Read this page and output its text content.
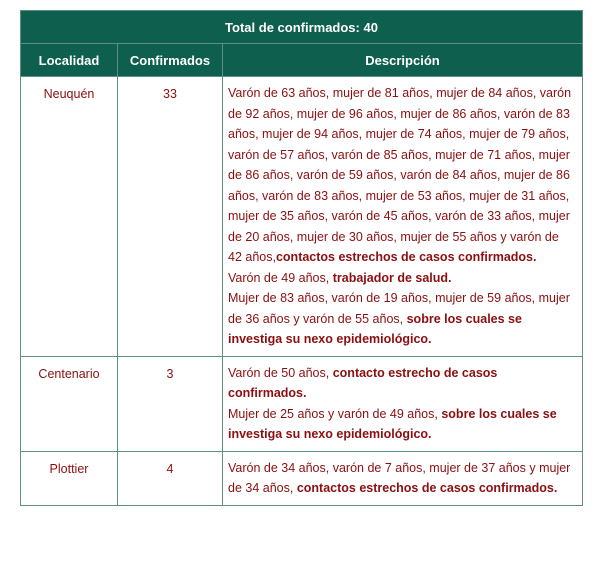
Total de confirmados: 40		
Localidad	Confirmados	Descripción
Neuquén	33	Varón de 63 años, mujer de 81 años, mujer de 84 años, varón de 92 años, mujer de 96 años, mujer de 86 años, varón de 83 años, mujer de 94 años, mujer de 74 años, mujer de 79 años, varón de 57 años, varón de 85 años, mujer de 71 años, mujer de 86 años, varón de 59 años, varón de 84 años, mujer de 86 años, varón de 83 años, mujer de 53 años, mujer de 31 años, mujer de 35 años, varón de 45 años, varón de 33 años, mujer de 20 años, mujer de 30 años, mujer de 55 años y varón de 42 años,contactos estrechos de casos confirmados.
Varón de 49 años, trabajador de salud.
Mujer de 83 años, varón de 19 años, mujer de 59 años, mujer de 36 años y varón de 55 años, sobre los cuales se investiga su nexo epidemiológico.

Centenario	3	Varón de 50 años, contacto estrecho de casos confirmados.
Mujer de 25 años y varón de 49 años, sobre los cuales se investiga su nexo epidemiológico.

Plottier	4	Varón de 34 años, varón de 7 años, mujer de 37 años y mujer de 34 años, contactos estrechos de casos confirmados.
